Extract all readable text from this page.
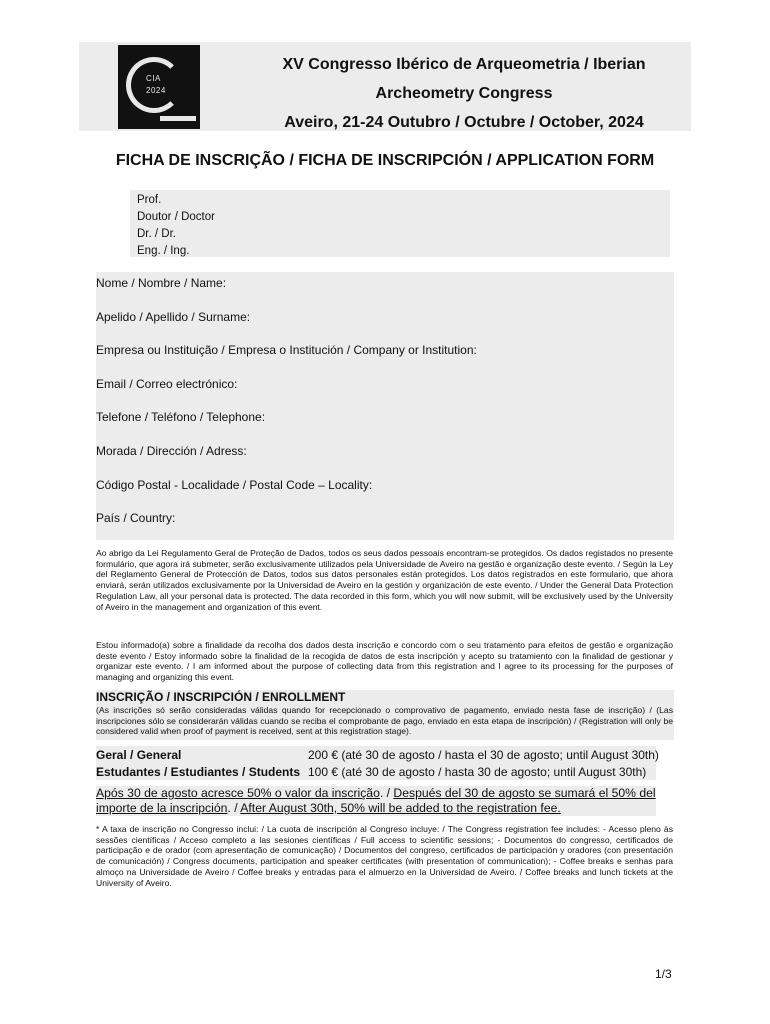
CIA
2024
XV Congresso Ibérico de Arqueometria / Iberian
Archeometry Congress
Aveiro, 21-24 Outubro / Octubre / October, 2024
FICHA DE INSCRIÇÃO / FICHA DE INSCRIPCIÓN / APPLICATION FORM
Prof.
Doutor / Doctor
Dr. / Dr.
Eng. / Ing.
Nome / Nombre / Name:
Apelido / Apellido / Surname:
Empresa ou Instituição / Empresa o Institución / Company or Institution:
Email / Correo electrónico:
Telefone / Teléfono / Telephone:
Morada / Dirección / Adress:
Código Postal - Localidade / Postal Code – Locality:
País / Country:
Ao abrigo da Lei Regulamento Geral de Proteção de Dados, todos os seus dados pessoais encontram-se protegidos. Os dados registados no presente formulário, que agora irá submeter, serão exclusivamente utilizados pela Universidade de Aveiro na gestão e organização deste evento. / Según la Ley del Reglamento General de Protección de Datos, todos sus datos personales están protegidos. Los datos registrados en este formulario, que ahora enviará, serán utilizados exclusivamente por la Universidad de Aveiro en la gestión y organización de este evento. / Under the General Data Protection Regulation Law, all your personal data is protected. The data recorded in this form, which you will now submit, will be exclusively used by the University of Aveiro in the management and organization of this event.
Estou informado(a) sobre a finalidade da recolha dos dados desta inscrição e concordo com o seu tratamento para efeitos de gestão e organização deste evento / Estoy informado sobre la finalidad de la recogida de datos de esta inscripción y acepto su tratamiento con la finalidad de gestionar y organizar este evento. / I am informed about the purpose of collecting data from this registration and I agree to its processing for the purposes of managing and organizing this event.
INSCRIÇÃO / INSCRIPCIÓN / ENROLLMENT
(As inscrições só serão consideradas válidas quando for recepcionado o comprovativo de pagamento, enviado nesta fase de inscrição) / (Las inscripciones sólo se considerarán válidas cuando se reciba el comprobante de pago, enviado en esta etapa de inscripción) / (Registration will only be considered valid when proof of payment is received, sent at this registration stage).
Geral / General	200 € (até 30 de agosto / hasta el 30 de agosto; until August 30th)
Estudantes / Estudiantes / Students 100 € (até 30 de agosto / hasta 30 de agosto; until August 30th)
Após 30 de agosto acresce 50% o valor da inscrição. / Después del 30 de agosto se sumará el 50% del importe de la inscripción. / After August 30th, 50% will be added to the registration fee.
* A taxa de inscrição no Congresso inclui: / La cuota de inscripción al Congreso incluye: / The Congress registration fee includes: - Acesso pleno às sessões científicas / Acceso completo a las sesiones científicas / Full access to scientific sessions; - Documentos do congresso, certificados de participação e de orador (com apresentação de comunicação) / Documentos del congreso, certificados de participación y oradores (con presentación de comunicación) / Congress documents, participation and speaker certificates (with presentation of communication); - Coffee breaks e senhas para almoço na Universidade de Aveiro / Coffee breaks y entradas para el almuerzo en la Universidad de Aveiro. / Coffee breaks and lunch tickets at the University of Aveiro.
1/3
